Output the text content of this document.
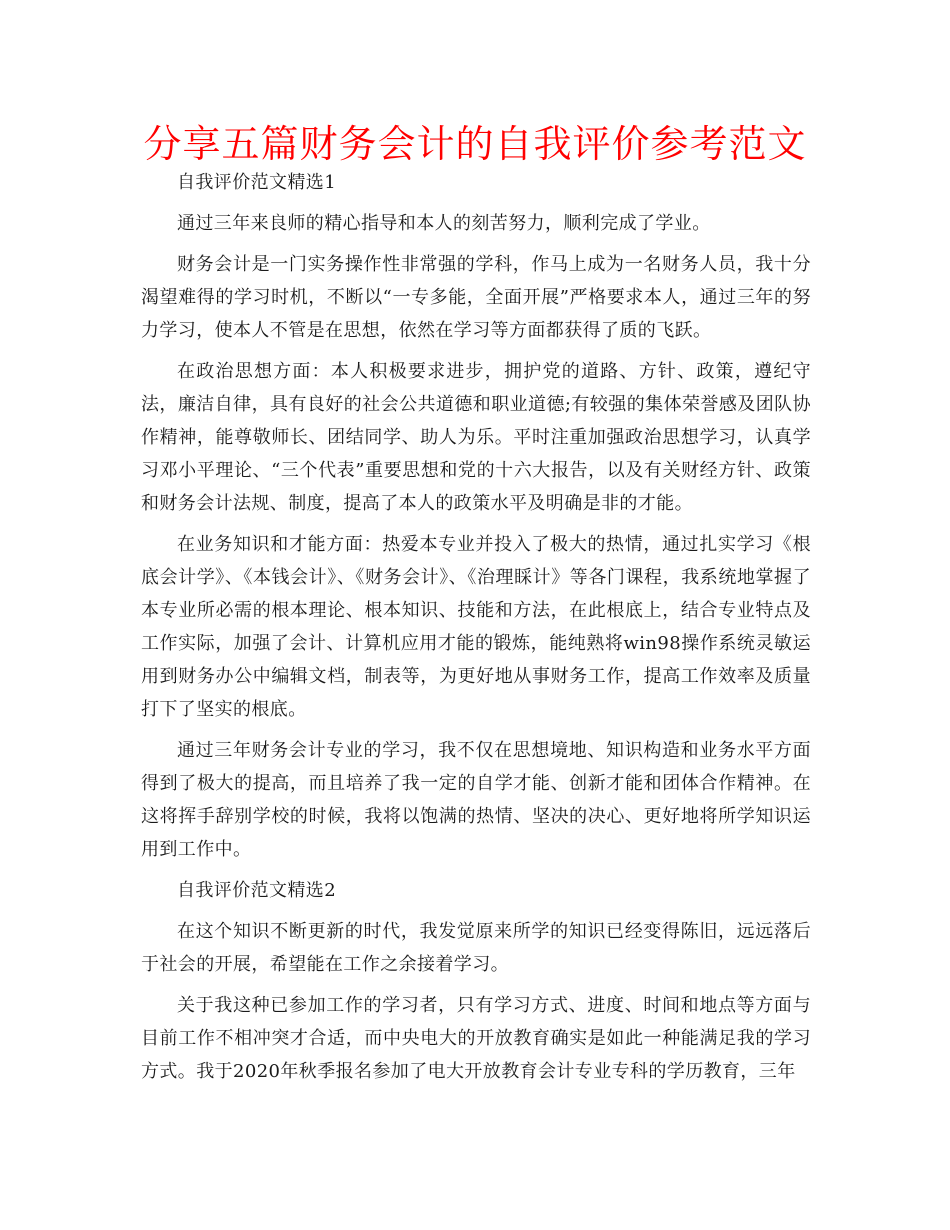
分享五篇财务会计的自我评价参考范文

自我评价范文精选1

通过三年来良师的精心指导和本人的刻苦努力，顺利完成了学业。

财务会计是一门实务操作性非常强的学科，作马上成为一名财务人员，我十分渴望难得的学习时机，不断以“一专多能，全面开展”严格要求本人，通过三年的努力学习，使本人不管是在思想，依然在学习等方面都获得了质的飞跃。

在政治思想方面：本人积极要求进步，拥护党的道路、方针、政策，遵纪守法，廉洁自律，具有良好的社会公共道德和职业道德;有较强的集体荣誉感及团队协作精神，能尊敬师长、团结同学、助人为乐。平时注重加强政治思想学习，认真学习邓小平理论、“三个代表”重要思想和党的十六大报告，以及有关财经方针、政策和财务会计法规、制度，提高了本人的政策水平及明确是非的才能。

在业务知识和才能方面：热爱本专业并投入了极大的热情，通过扎实学习《根底会计学》、《本钱会计》、《财务会计》、《治理睬计》等各门课程，我系统地掌握了本专业所必需的根本理论、根本知识、技能和方法，在此根底上，结合专业特点及工作实际，加强了会计、计算机应用才能的锻炼，能纯熟将win98操作系统灵敏运用到财务办公中编辑文档，制表等，为更好地从事财务工作，提高工作效率及质量打下了坚实的根底。

通过三年财务会计专业的学习，我不仅在思想境地、知识构造和业务水平方面得到了极大的提高，而且培养了我一定的自学才能、创新才能和团体合作精神。在这将挥手辞别学校的时候，我将以饱满的热情、坚决的决心、更好地将所学知识运用到工作中。

自我评价范文精选2

在这个知识不断更新的时代，我发觉原来所学的知识已经变得陈旧，远远落后于社会的开展，希望能在工作之余接着学习。

关于我这种已参加工作的学习者，只有学习方式、进度、时间和地点等方面与目前工作不相冲突才合适，而中央电大的开放教育确实是如此一种能满足我的学习方式。我于2020年秋季报名参加了电大开放教育会计专业专科的学历教育，三年
